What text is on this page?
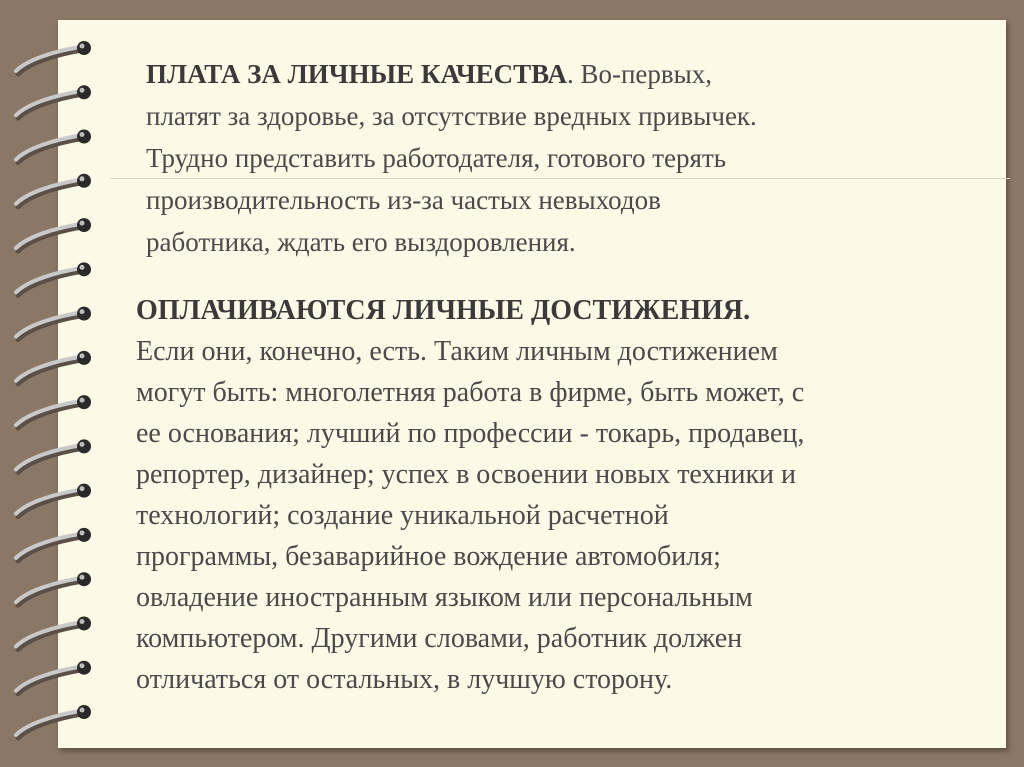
ПЛАТА ЗА ЛИЧНЫЕ КАЧЕСТВА. Во-первых,
платят за здоровье, за отсутствие вредных привычек.
Трудно представить работодателя, готового терять
производительность из-за частых невыходов
работника, ждать его выздоровления.

ОПЛАЧИВАЮТСЯ ЛИЧНЫЕ ДОСТИЖЕНИЯ.
Если они, конечно, есть. Таким личным достижением
могут быть: многолетняя работа в фирме, быть может, с
ее основания; лучший по профессии - токарь, продавец,
репортер, дизайнер; успех в освоении новых техники и
технологий; создание уникальной расчетной
программы, безаварийное вождение автомобиля;
овладение иностранным языком или персональным
компьютером. Другими словами, работник должен
отличаться от остальных, в лучшую сторону.
